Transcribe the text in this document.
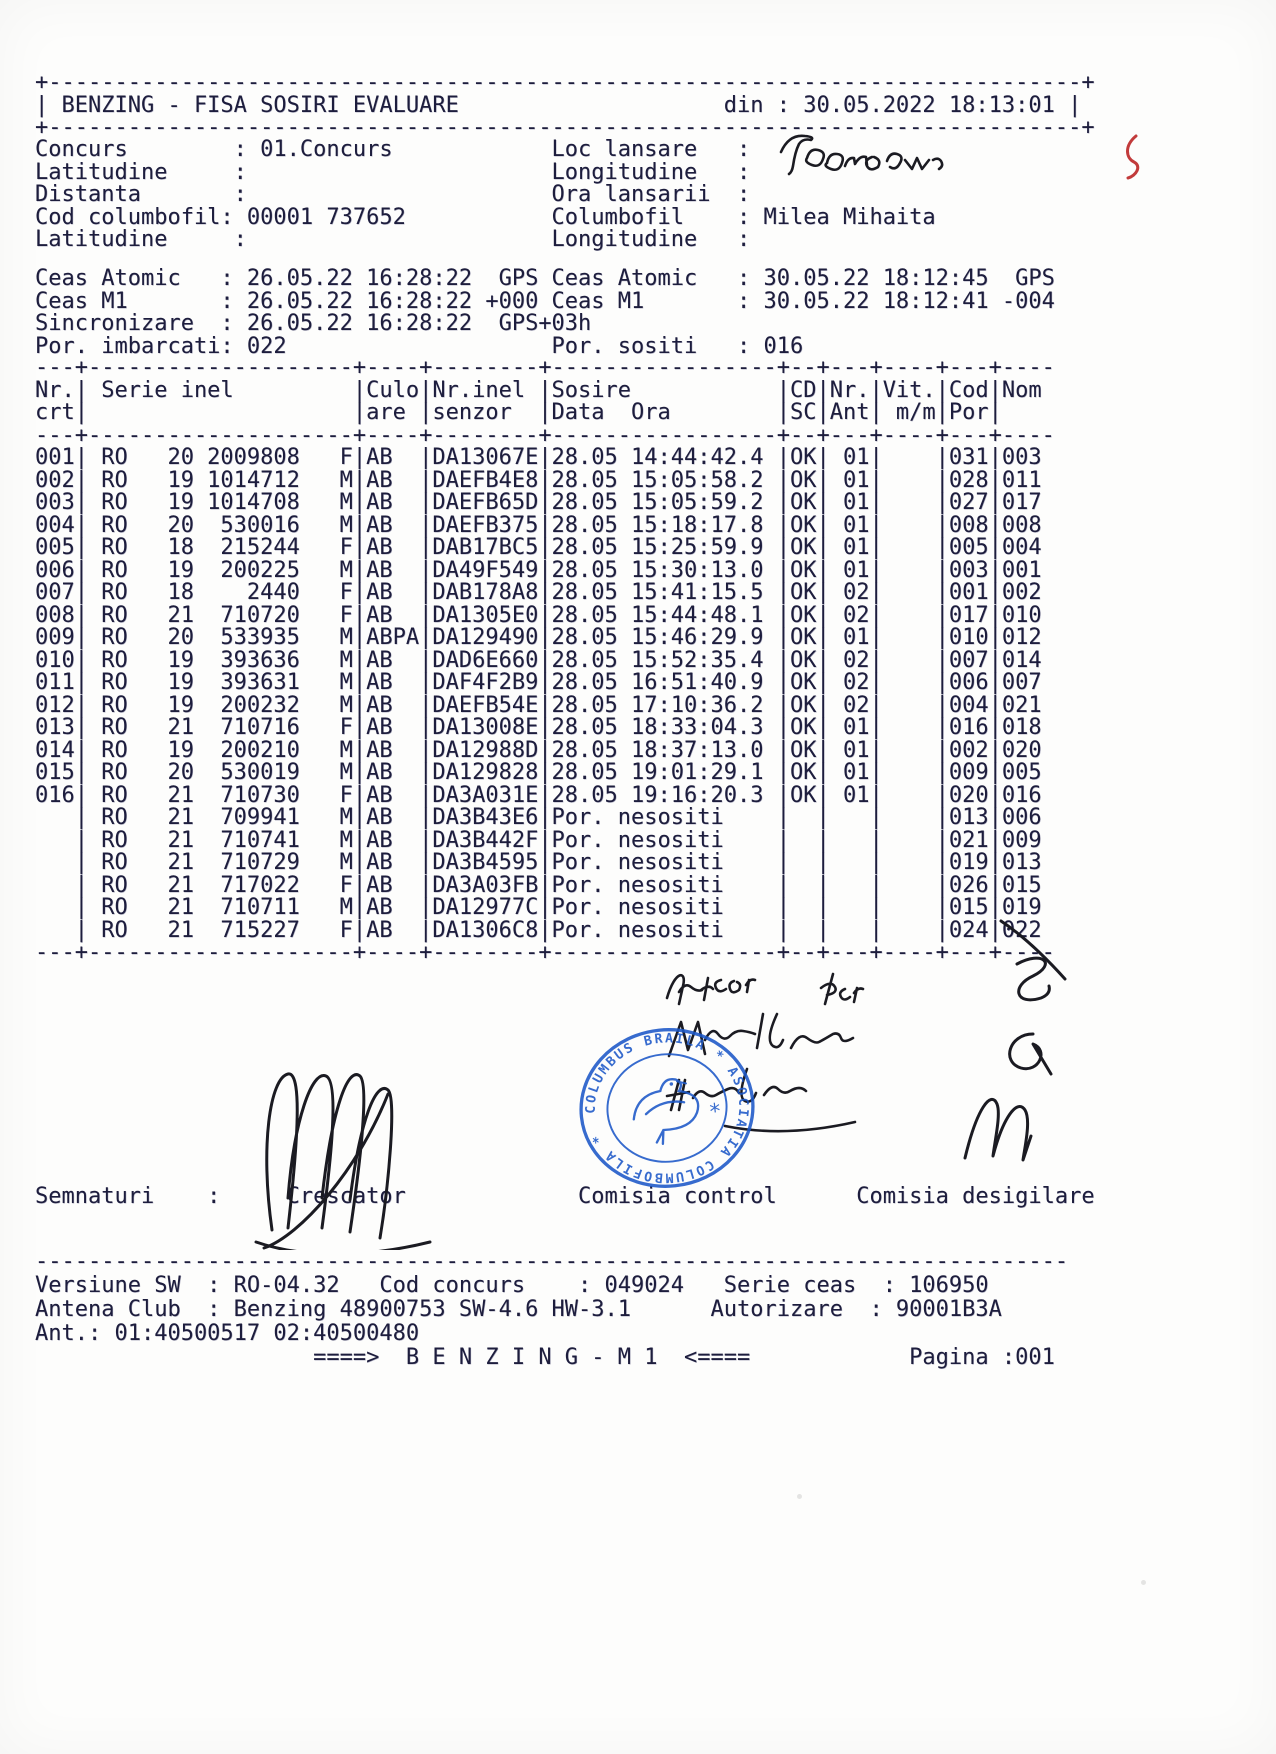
+------------------------------------------------------------------------------+
| BENZING - FISA SOSIRI EVALUARE                    din : 30.05.2022 18:13:01 |
+------------------------------------------------------------------------------+
Concurs        : 01.Concurs            Loc lansare   :
Latitudine     :                       Longitudine   :
Distanta       :                       Ora lansarii  :
Cod columbofil: 00001 737652           Columbofil    : Milea Mihaita
Latitudine     :                       Longitudine   :
Ceas Atomic   : 26.05.22 16:28:22  GPS Ceas Atomic   : 30.05.22 18:12:45  GPS
Ceas M1       : 26.05.22 16:28:22 +000 Ceas M1       : 30.05.22 18:12:41 -004
Sincronizare  : 26.05.22 16:28:22  GPS+03h
Por. imbarcati: 022                    Por. sositi   : 016
---+--------------------+----+--------+-----------------+--+---+----+---+----
Nr.| Serie inel         |Culo|Nr.inel |Sosire           |CD|Nr.|Vit.|Cod|Nom
crt|                    |are |senzor  |Data  Ora        |SC|Ant| m/m|Por|
---+--------------------+----+--------+-----------------+--+---+----+---+----
001| RO   20 2009808   F|AB  |DA13067E|28.05 14:44:42.4 |OK| 01|    |031|003
002| RO   19 1014712   M|AB  |DAEFB4E8|28.05 15:05:58.2 |OK| 01|    |028|011
003| RO   19 1014708   M|AB  |DAEFB65D|28.05 15:05:59.2 |OK| 01|    |027|017
004| RO   20  530016   M|AB  |DAEFB375|28.05 15:18:17.8 |OK| 01|    |008|008
005| RO   18  215244   F|AB  |DAB17BC5|28.05 15:25:59.9 |OK| 01|    |005|004
006| RO   19  200225   M|AB  |DA49F549|28.05 15:30:13.0 |OK| 01|    |003|001
007| RO   18    2440   F|AB  |DAB178A8|28.05 15:41:15.5 |OK| 02|    |001|002
008| RO   21  710720   F|AB  |DA1305E0|28.05 15:44:48.1 |OK| 02|    |017|010
009| RO   20  533935   M|ABPA|DA129490|28.05 15:46:29.9 |OK| 01|    |010|012
010| RO   19  393636   M|AB  |DAD6E660|28.05 15:52:35.4 |OK| 02|    |007|014
011| RO   19  393631   M|AB  |DAF4F2B9|28.05 16:51:40.9 |OK| 02|    |006|007
012| RO   19  200232   M|AB  |DAEFB54E|28.05 17:10:36.2 |OK| 02|    |004|021
013| RO   21  710716   F|AB  |DA13008E|28.05 18:33:04.3 |OK| 01|    |016|018
014| RO   19  200210   M|AB  |DA12988D|28.05 18:37:13.0 |OK| 01|    |002|020
015| RO   20  530019   M|AB  |DA129828|28.05 19:01:29.1 |OK| 01|    |009|005
016| RO   21  710730   F|AB  |DA3A031E|28.05 19:16:20.3 |OK| 01|    |020|016
| RO   21  709941   M|AB  |DA3B43E6|Por. nesositi    |  |   |    |013|006
| RO   21  710741   M|AB  |DA3B442F|Por. nesositi    |  |   |    |021|009
| RO   21  710729   M|AB  |DA3B4595|Por. nesositi    |  |   |    |019|013
| RO   21  717022   F|AB  |DA3A03FB|Por. nesositi    |  |   |    |026|015
| RO   21  710711   M|AB  |DA12977C|Por. nesositi    |  |   |    |015|019
| RO   21  715227   F|AB  |DA1306C8|Por. nesositi    |  |   |    |024|022
---+--------------------+----+--------+-----------------+--+---+----+---+----
Semnaturi    :     Crescator             Comisia control      Comisia desigilare
------------------------------------------------------------------------------
Versiune SW  : RO-04.32   Cod concurs    : 049024   Serie ceas  : 106950
Antena Club  : Benzing 48900753 SW-4.6 HW-3.1      Autorizare  : 90001B3A
Ant.: 01:40500517 02:40500480
====>  B E N Z I N G - M 1  <====            Pagina :001
COLUMBUS BRAILA * ASOCIATIA COLUMBOFILA *
*
